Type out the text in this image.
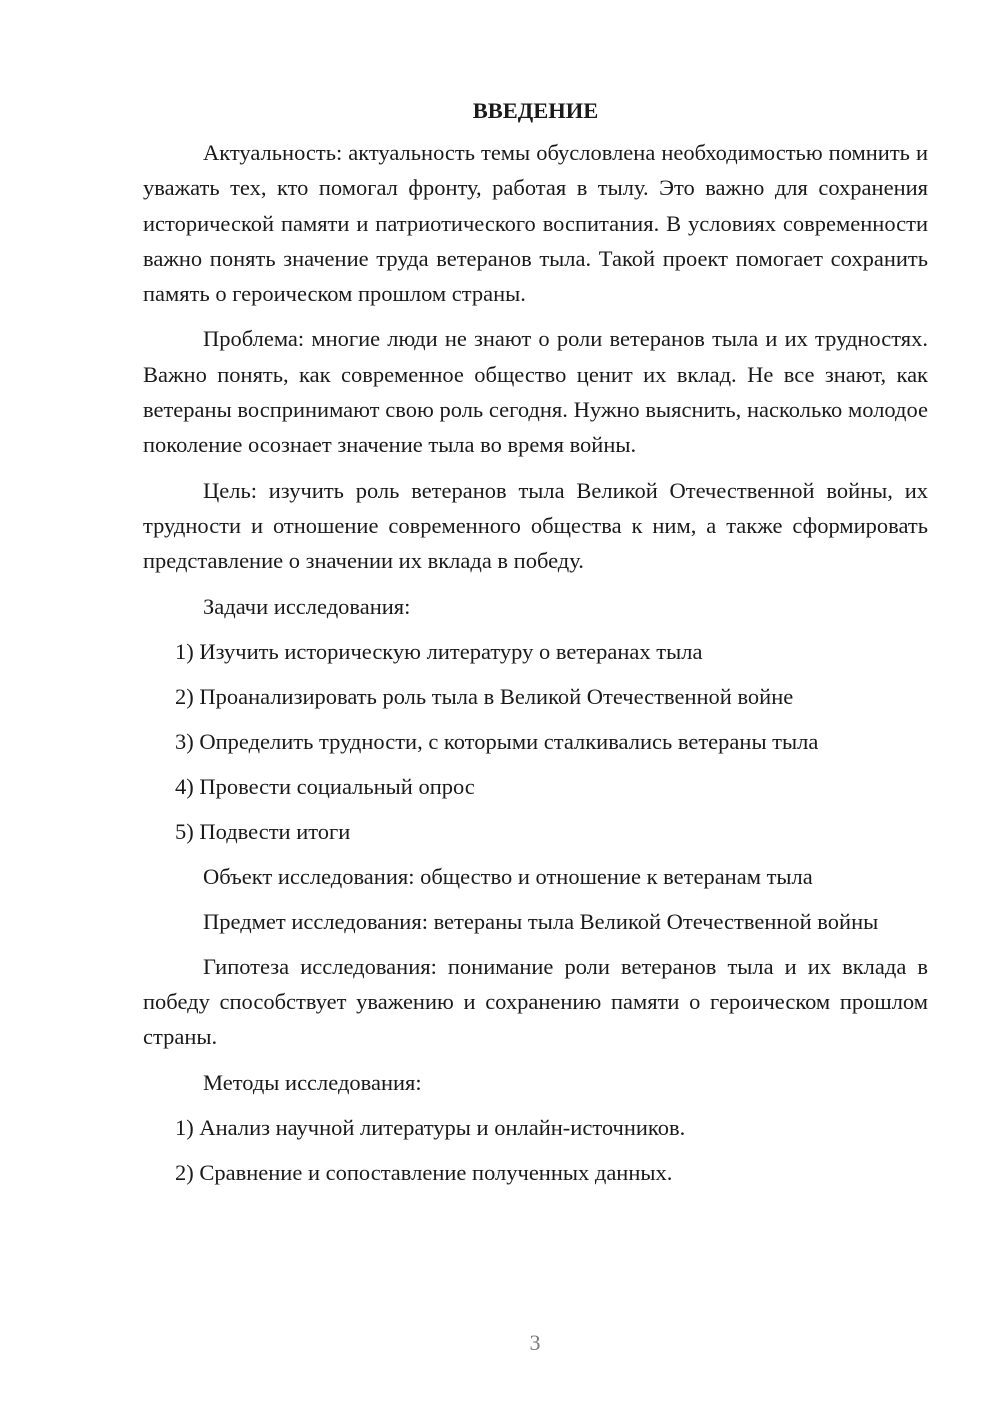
ВВЕДЕНИЕ
Актуальность: актуальность темы обусловлена необходимостью помнить и уважать тех, кто помогал фронту, работая в тылу. Это важно для сохранения исторической памяти и патриотического воспитания. В условиях современности важно понять значение труда ветеранов тыла. Такой проект помогает сохранить память о героическом прошлом страны.
Проблема: многие люди не знают о роли ветеранов тыла и их трудностях. Важно понять, как современное общество ценит их вклад. Не все знают, как ветераны воспринимают свою роль сегодня. Нужно выяснить, насколько молодое поколение осознает значение тыла во время войны.
Цель: изучить роль ветеранов тыла Великой Отечественной войны, их трудности и отношение современного общества к ним, а также сформировать представление о значении их вклада в победу.
Задачи исследования:
1) Изучить историческую литературу о ветеранах тыла
2) Проанализировать роль тыла в Великой Отечественной войне
3) Определить трудности, с которыми сталкивались ветераны тыла
4) Провести социальный опрос
5) Подвести итоги
Объект исследования: общество и отношение к ветеранам тыла
Предмет исследования: ветераны тыла Великой Отечественной войны
Гипотеза исследования: понимание роли ветеранов тыла и их вклада в победу способствует уважению и сохранению памяти о героическом прошлом страны.
Методы исследования:
1) Анализ научной литературы и онлайн-источников.
2) Сравнение и сопоставление полученных данных.
3
